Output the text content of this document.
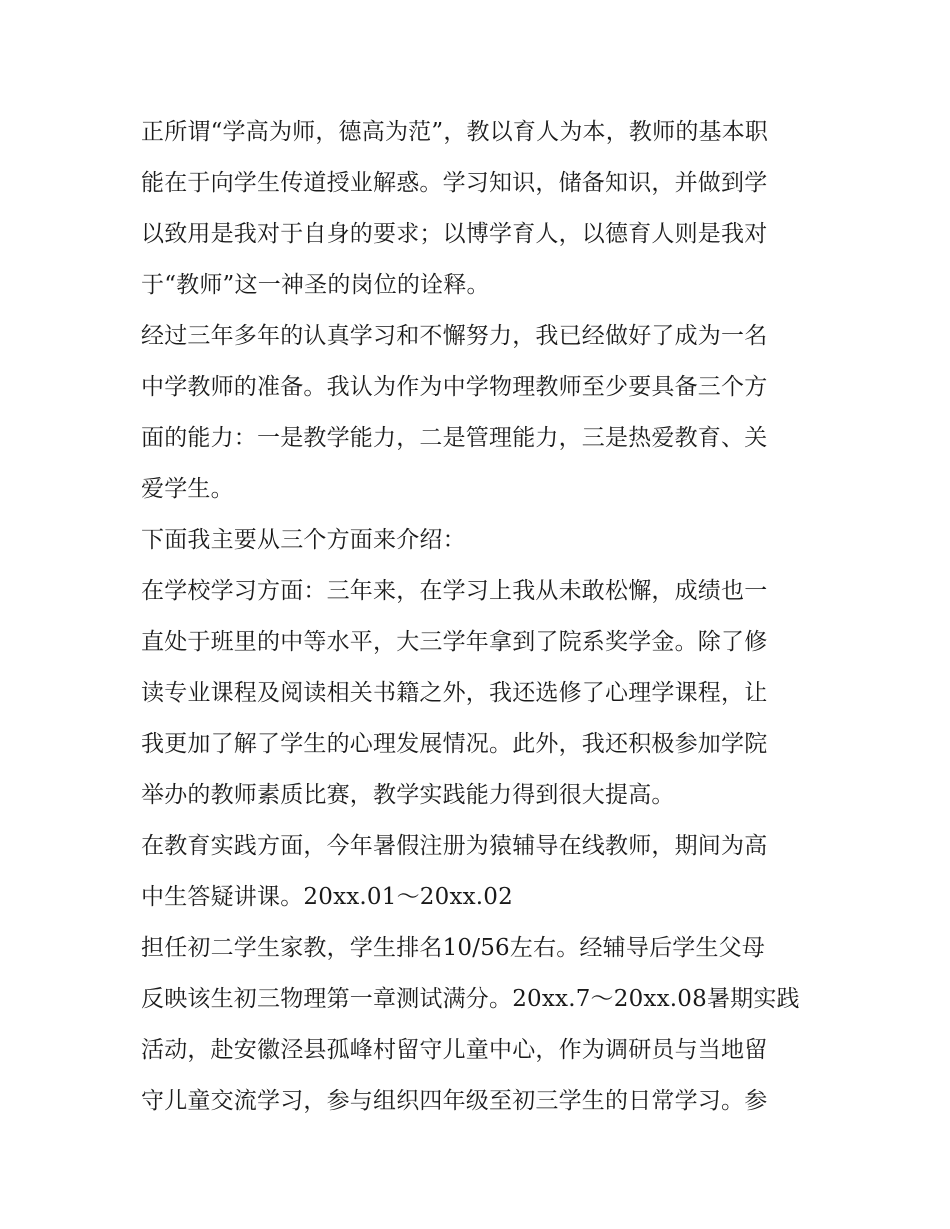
正所谓“学高为师，德高为范”，教以育人为本，教师的基本职
能在于向学生传道授业解惑。学习知识，储备知识，并做到学
以致用是我对于自身的要求；以博学育人，以德育人则是我对
于“教师”这一神圣的岗位的诠释。

经过三年多年的认真学习和不懈努力，我已经做好了成为一名
中学教师的准备。我认为作为中学物理教师至少要具备三个方
面的能力：一是教学能力，二是管理能力，三是热爱教育、关
爱学生。

下面我主要从三个方面来介绍：

在学校学习方面：三年来，在学习上我从未敢松懈，成绩也一
直处于班里的中等水平，大三学年拿到了院系奖学金。除了修
读专业课程及阅读相关书籍之外，我还选修了心理学课程，让
我更加了解了学生的心理发展情况。此外，我还积极参加学院
举办的教师素质比赛，教学实践能力得到很大提高。

在教育实践方面，今年暑假注册为猿辅导在线教师，期间为高
中生答疑讲课。20xx.01～20xx.02

担任初二学生家教，学生排名10/56左右。经辅导后学生父母
反映该生初三物理第一章测试满分。20xx.7～20xx.08暑期实践
活动，赴安徽泾县孤峰村留守儿童中心，作为调研员与当地留
守儿童交流学习，参与组织四年级至初三学生的日常学习。参
